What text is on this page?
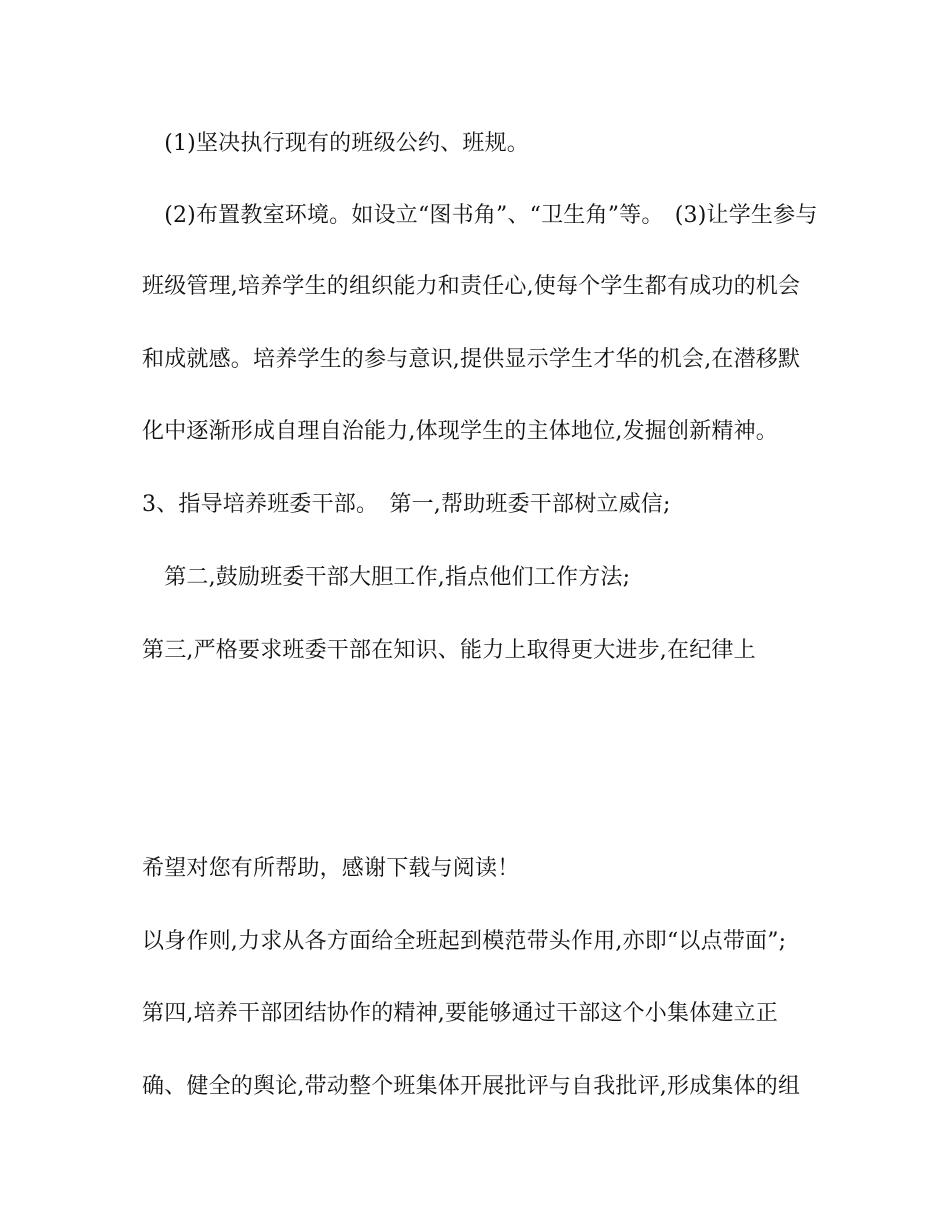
　(1)坚决执行现有的班级公约、班规。
　(2)布置教室环境。如设立“图书角”、“卫生角”等。　(3)让学生参与
班级管理,培养学生的组织能力和责任心,使每个学生都有成功的机会
和成就感。培养学生的参与意识,提供显示学生才华的机会,在潜移默
化中逐渐形成自理自治能力,体现学生的主体地位,发掘创新精神。
3、指导培养班委干部。　第一,帮助班委干部树立威信;
　第二,鼓励班委干部大胆工作,指点他们工作方法;
第三,严格要求班委干部在知识、能力上取得更大进步,在纪律上
希望对您有所帮助，感谢下载与阅读！
以身作则,力求从各方面给全班起到模范带头作用,亦即“以点带面”;
第四,培养干部团结协作的精神,要能够通过干部这个小集体建立正
确、健全的舆论,带动整个班集体开展批评与自我批评,形成集体的组
